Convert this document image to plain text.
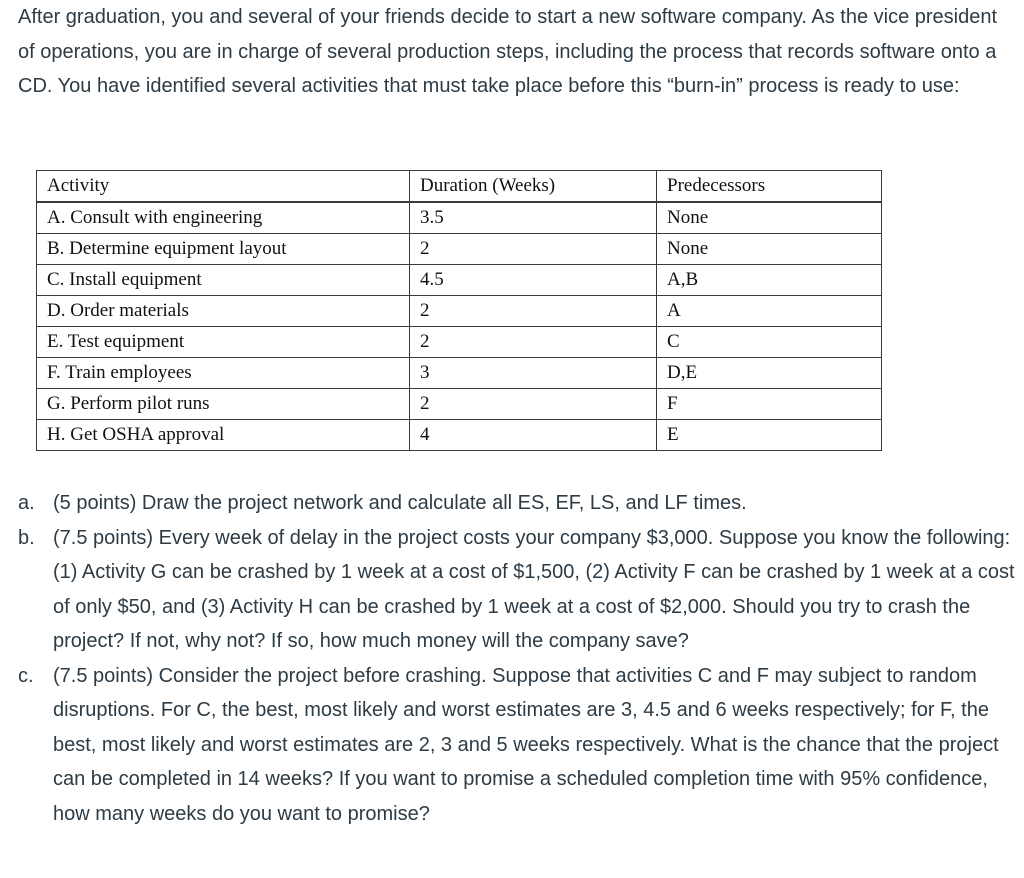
After graduation, you and several of your friends decide to start a new software company. As the vice president of operations, you are in charge of several production steps, including the process that records software onto a CD. You have identified several activities that must take place before this “burn-in” process is ready to use:

Activity	Duration (Weeks)	Predecessors
A. Consult with engineering	3.5	None
B. Determine equipment layout	2	None
C. Install equipment	4.5	A,B
D. Order materials	2	A
E. Test equipment	2	C
F. Train employees	3	D,E
G. Perform pilot runs	2	F
H. Get OSHA approval	4	E
a. (5 points) Draw the project network and calculate all ES, EF, LS, and LF times.
b. (7.5 points) Every week of delay in the project costs your company $3,000. Suppose you know the following: (1) Activity G can be crashed by 1 week at a cost of $1,500, (2) Activity F can be crashed by 1 week at a cost of only $50, and (3) Activity H can be crashed by 1 week at a cost of $2,000. Should you try to crash the project? If not, why not? If so, how much money will the company save?
c. (7.5 points) Consider the project before crashing. Suppose that activities C and F may subject to random disruptions. For C, the best, most likely and worst estimates are 3, 4.5 and 6 weeks respectively; for F, the best, most likely and worst estimates are 2, 3 and 5 weeks respectively. What is the chance that the project can be completed in 14 weeks? If you want to promise a scheduled completion time with 95% confidence, how many weeks do you want to promise?
